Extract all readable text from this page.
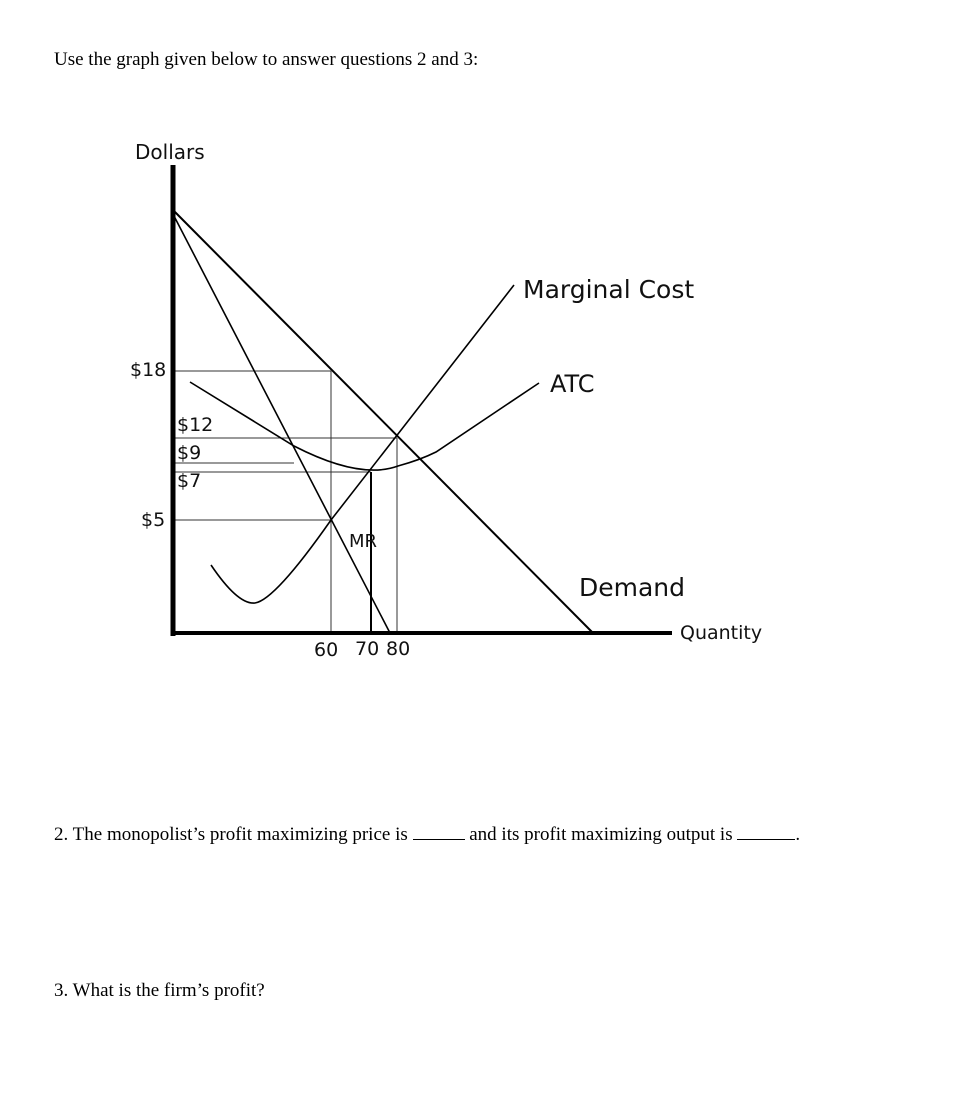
Use the graph given below to answer questions 2 and 3:
Dollars
Quantity
$18
$12
$9
$7
$5
60 70 80
Marginal Cost
ATC
MR
Demand

2. The monopolist’s profit maximizing price is	and its profit maximizing output is	.

3. What is the firm’s profit?
